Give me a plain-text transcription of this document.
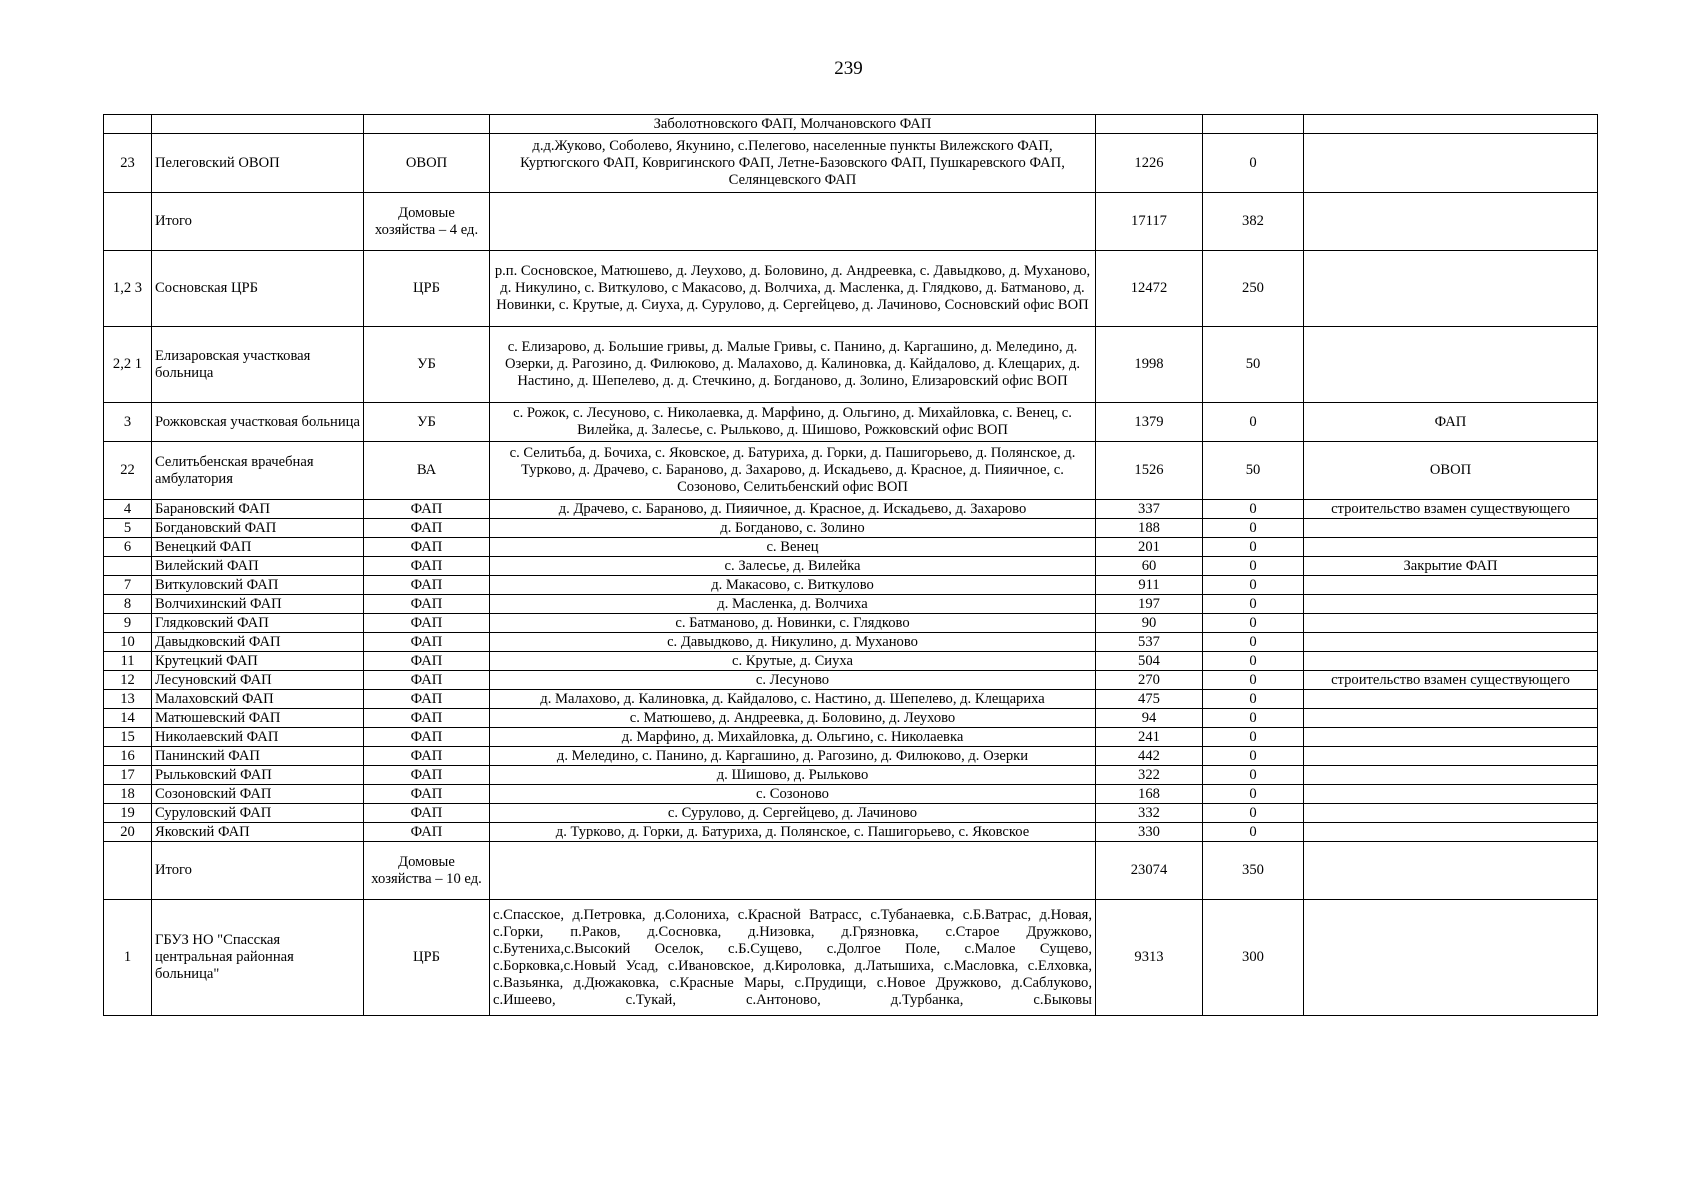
239
			Заболотновского ФАП, Молчановского ФАП			
23	Пелеговский ОВОП	ОВОП	д.д.Жуково, Соболево, Якунино, с.Пелегово, населенные пункты Вилежского ФАП, Куртюгского ФАП, Ковригинского ФАП, Летне-Базовского ФАП, Пушкаревского ФАП, Селянцевского ФАП	1226	0	
	Итого	Домовые хозяйства – 4 ед.		17117	382	
1,2 3	Сосновская ЦРБ	ЦРБ	р.п. Сосновское, Матюшево, д. Леухово, д. Боловино, д. Андреевка, с. Давыдково, д. Муханово, д. Никулино, с. Виткулово, с Макасово, д. Волчиха, д. Масленка, д. Глядково, д. Батманово, д. Новинки, с. Крутые, д. Сиуха, д. Сурулово, д. Сергейцево, д. Лачиново, Сосновский офис ВОП	12472	250	
2,2 1	Елизаровская участковая больница	УБ	с. Елизарово, д. Большие гривы, д. Малые Гривы, с. Панино, д. Каргашино, д. Меледино, д. Озерки, д. Рагозино, д. Филюково, д. Малахово, д. Калиновка, д. Кайдалово, д. Клещарих, д. Настино, д. Шепелево, д. д. Стечкино, д. Богданово, д. Золино, Елизаровский офис ВОП	1998	50	
3	Рожковская участковая больница	УБ	с. Рожок, с. Лесуново, с. Николаевка, д. Марфино, д. Ольгино, д. Михайловка, с. Венец, с. Вилейка, д. Залесье, с. Рыльково, д. Шишово, Рожковский офис ВОП	1379	0	ФАП
22	Селитьбенская врачебная амбулатория	ВА	с. Селитьба, д. Бочиха, с. Яковское, д. Батуриха, д. Горки, д. Пашигорьево, д. Полянское, д. Турково, д. Драчево, с. Бараново, д. Захарово, д. Искадьево, д. Красное, д. Пияичное, с. Созоново, Селитьбенский офис ВОП	1526	50	ОВОП
4	Барановский ФАП	ФАП	д. Драчево, с. Бараново, д. Пияичное, д. Красное, д. Искадьево, д. Захарово	337	0	строительство взамен существующего
5	Богдановский ФАП	ФАП	д. Богданово, с. Золино	188	0	
6	Венецкий ФАП	ФАП	с. Венец	201	0	
	Вилейский ФАП	ФАП	с. Залесье, д. Вилейка	60	0	Закрытие ФАП
7	Виткуловский ФАП	ФАП	д. Макасово, с. Виткулово	911	0	
8	Волчихинский ФАП	ФАП	д. Масленка, д. Волчиха	197	0	
9	Глядковский ФАП	ФАП	с. Батманово, д. Новинки, с. Глядково	90	0	
10	Давыдковский ФАП	ФАП	с. Давыдково, д. Никулино, д. Муханово	537	0	
11	Крутецкий ФАП	ФАП	с. Крутые, д. Сиуха	504	0	
12	Лесуновский ФАП	ФАП	с. Лесуново	270	0	строительство взамен существующего
13	Малаховский ФАП	ФАП	д. Малахово, д. Калиновка, д. Кайдалово, с. Настино, д. Шепелево, д. Клещариха	475	0	
14	Матюшевский ФАП	ФАП	с. Матюшево, д. Андреевка, д. Боловино, д. Леухово	94	0	
15	Николаевский ФАП	ФАП	д. Марфино, д. Михайловка, д. Ольгино, с. Николаевка	241	0	
16	Панинский ФАП	ФАП	д. Меледино, с. Панино, д. Каргашино, д. Рагозино, д. Филюково, д. Озерки	442	0	
17	Рыльковский ФАП	ФАП	д. Шишово, д. Рыльково	322	0	
18	Созоновский ФАП	ФАП	с. Созоново	168	0	
19	Суруловский ФАП	ФАП	с. Сурулово, д. Сергейцево, д. Лачиново	332	0	
20	Яковский ФАП	ФАП	д. Турково, д. Горки, д. Батуриха, д. Полянское, с. Пашигорьево, с. Яковское	330	0	
	Итого	Домовые хозяйства – 10 ед.		23074	350	
1	ГБУЗ НО "Спасская центральная районная больница"	ЦРБ	с.Спасское, д.Петровка, д.Солониха, с.Красной Ватрасс, с.Тубанаевка, с.Б.Ватрас, д.Новая, с.Горки, п.Раков, д.Сосновка, д.Низовка, д.Грязновка, с.Старое Дружково, с.Бутениха,с.Высокий Оселок, с.Б.Сущево, с.Долгое Поле, с.Малое Сущево, с.Борковка,с.Новый Усад, с.Ивановское, д.Кироловка, д.Латышиха, с.Масловка, с.Елховка, с.Вазьянка, д.Дюжаковка, с.Красные Мары, с.Прудищи, с.Новое Дружково, д.Саблуково, с.Ишеево, с.Тукай, с.Антоново, д.Турбанка, с.Быковы	9313	300	
